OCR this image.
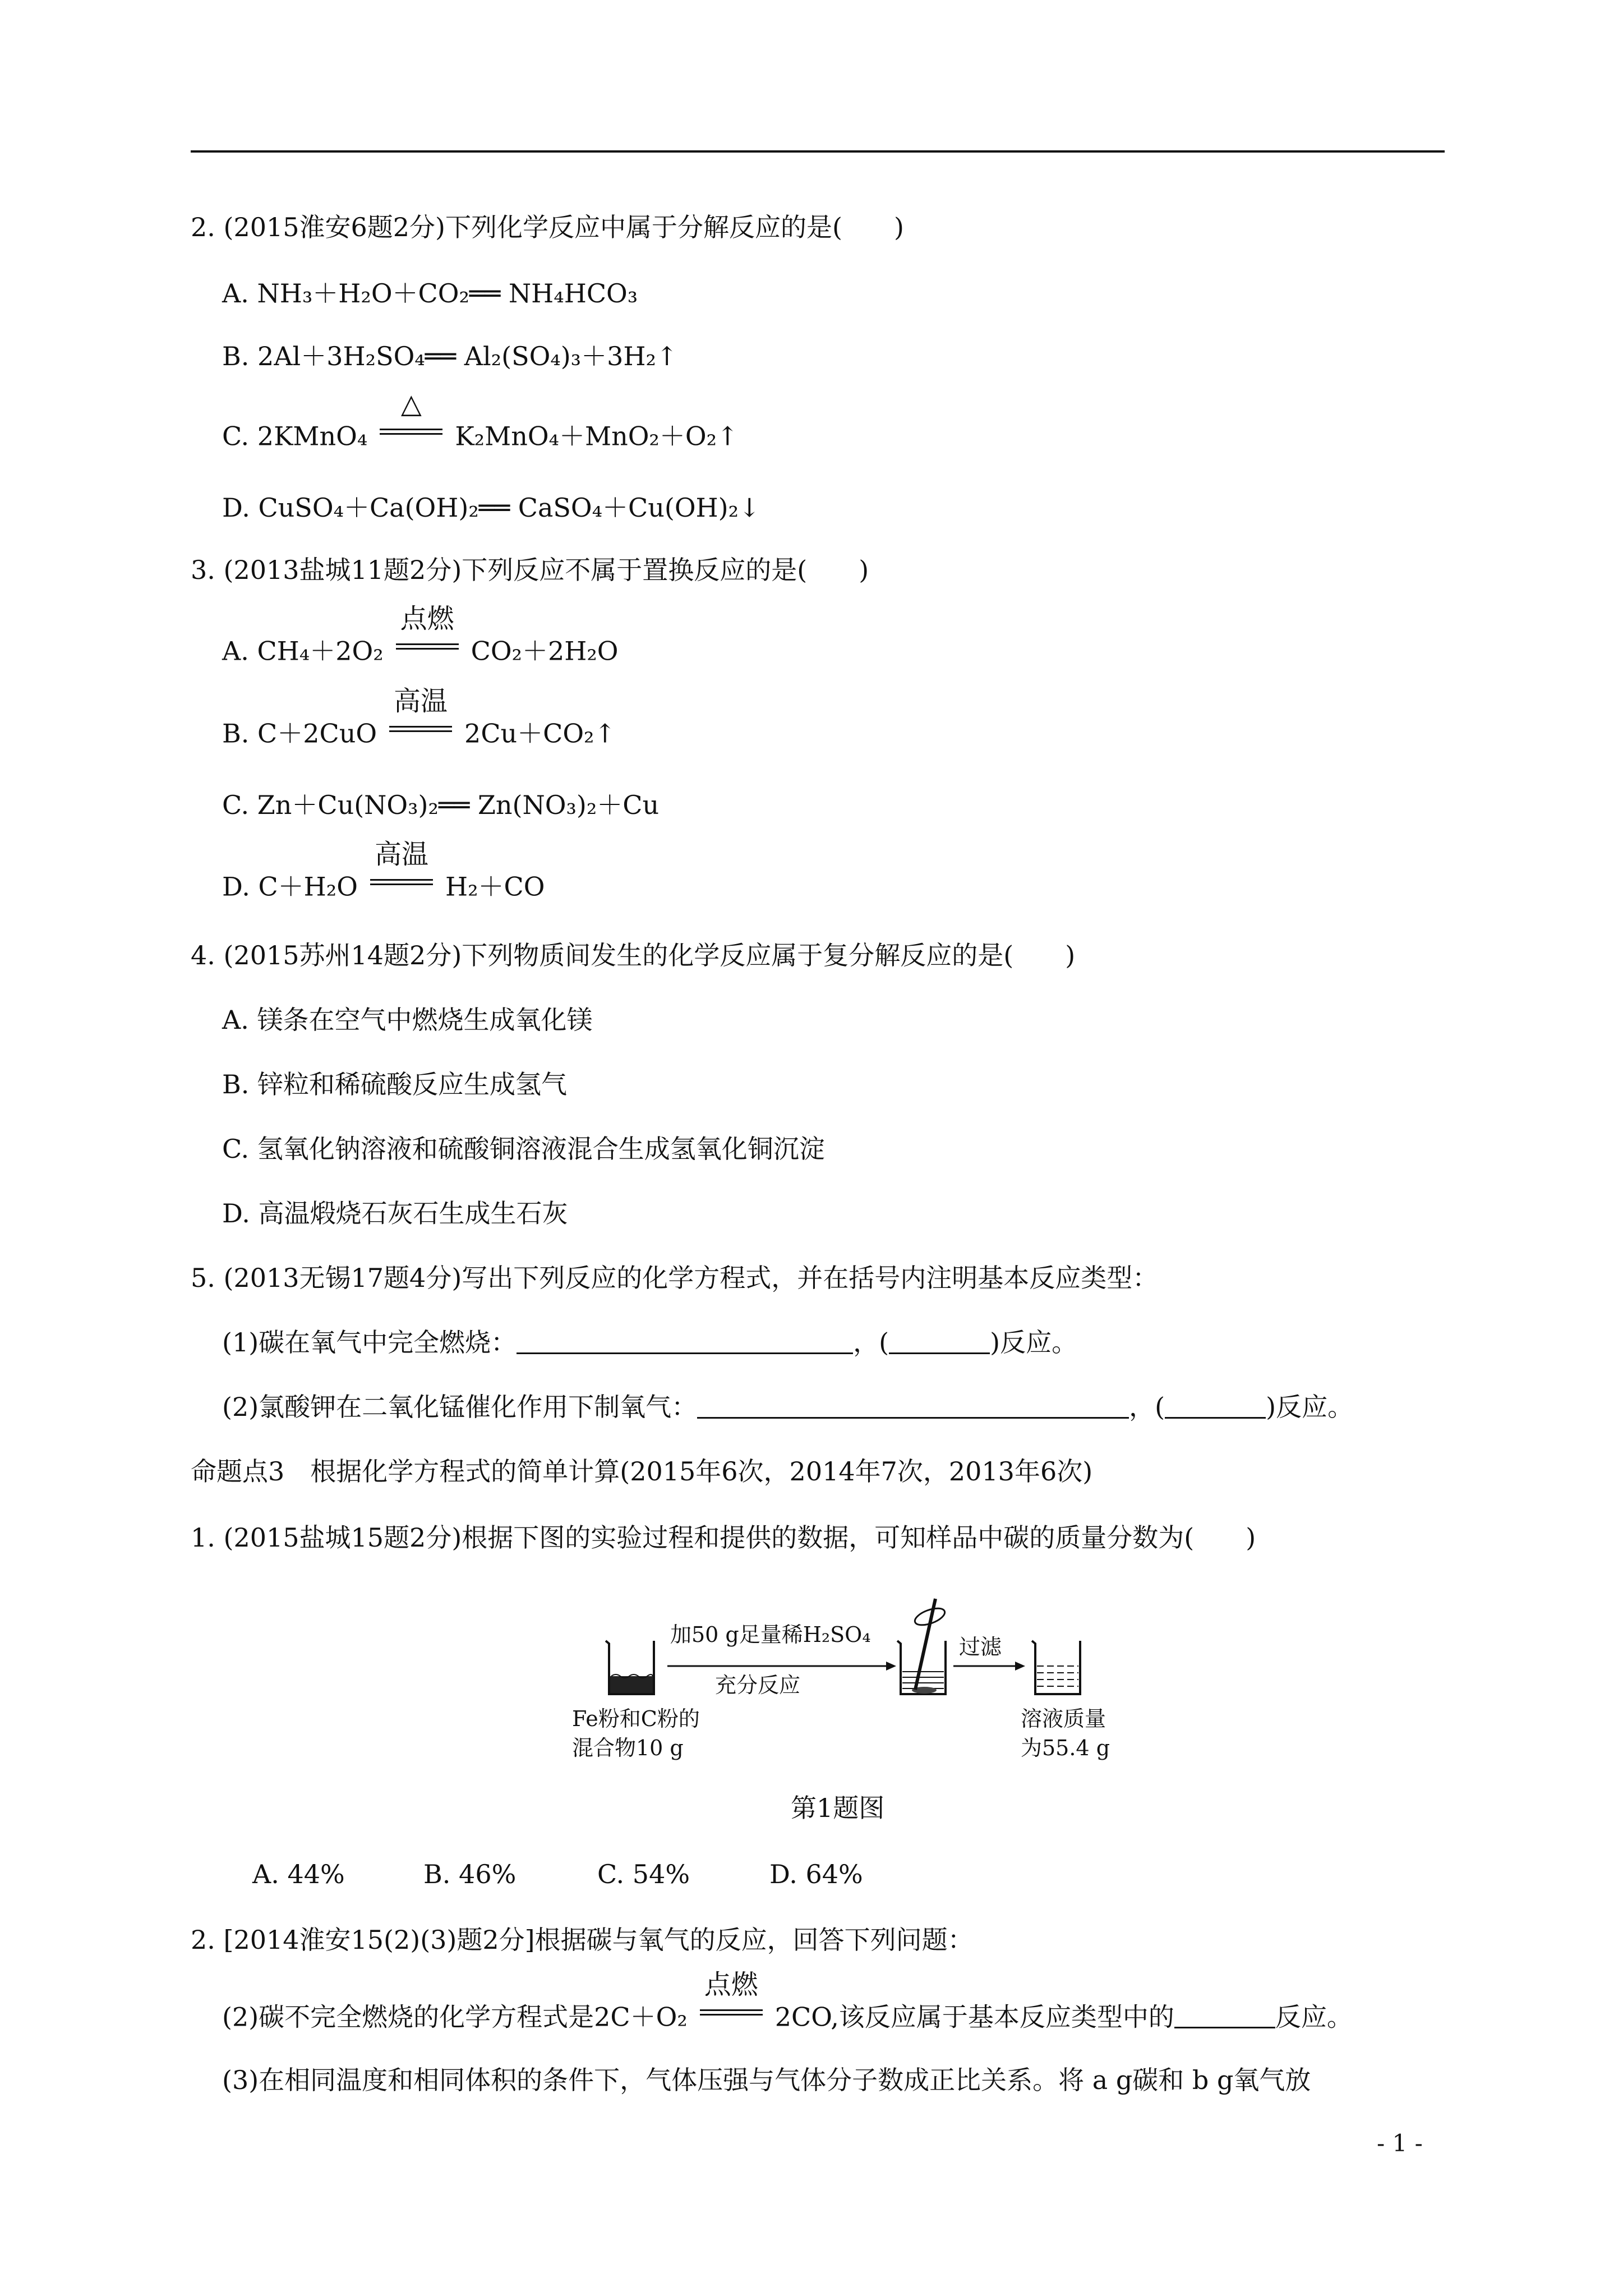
2. (2015淮安6题2分)下列化学反应中属于分解反应的是(　　)
A. NH₃＋H₂O＋CO₂══ NH₄HCO₃
B. 2Al＋3H₂SO₄══ Al₂(SO₄)₃＋3H₂↑
C. 2KMnO₄
△
K₂MnO₄＋MnO₂＋O₂↑
D. CuSO₄＋Ca(OH)₂══ CaSO₄＋Cu(OH)₂↓
3. (2013盐城11题2分)下列反应不属于置换反应的是(　　)
A. CH₄＋2O₂
点燃
CO₂＋2H₂O
B. C＋2CuO
高温
2Cu＋CO₂↑
C. Zn＋Cu(NO₃)₂══ Zn(NO₃)₂＋Cu
D. C＋H₂O
高温
H₂＋CO
4. (2015苏州14题2分)下列物质间发生的化学反应属于复分解反应的是(　　)
A. 镁条在空气中燃烧生成氧化镁
B. 锌粒和稀硫酸反应生成氢气
C. 氢氧化钠溶液和硫酸铜溶液混合生成氢氧化铜沉淀
D. 高温煅烧石灰石生成生石灰
5. (2013无锡17题4分)写出下列反应的化学方程式，并在括号内注明基本反应类型：
(1)碳在氧气中完全燃烧：	，(	)反应。
(2)氯酸钾在二氧化锰催化作用下制氧气：	，(	)反应。
命题点3　根据化学方程式的简单计算(2015年6次，2014年7次，2013年6次)
1. (2015盐城15题2分)根据下图的实验过程和提供的数据，可知样品中碳的质量分数为(　　)
加50 g足量稀H₂SO₄
充分反应
过滤
Fe粉和C粉的
混合物10 g
溶液质量
为55.4 g
第1题图
A. 44%	B. 46%	C. 54%	D. 64%
2. [2014淮安15(2)(3)题2分]根据碳与氧气的反应，回答下列问题：
(2)碳不完全燃烧的化学方程式是2C＋O₂
点燃
2CO,该反应属于基本反应类型中的	反应。
(3)在相同温度和相同体积的条件下，气体压强与气体分子数成正比关系。将 a g碳和 b g氧气放
- 1 -
